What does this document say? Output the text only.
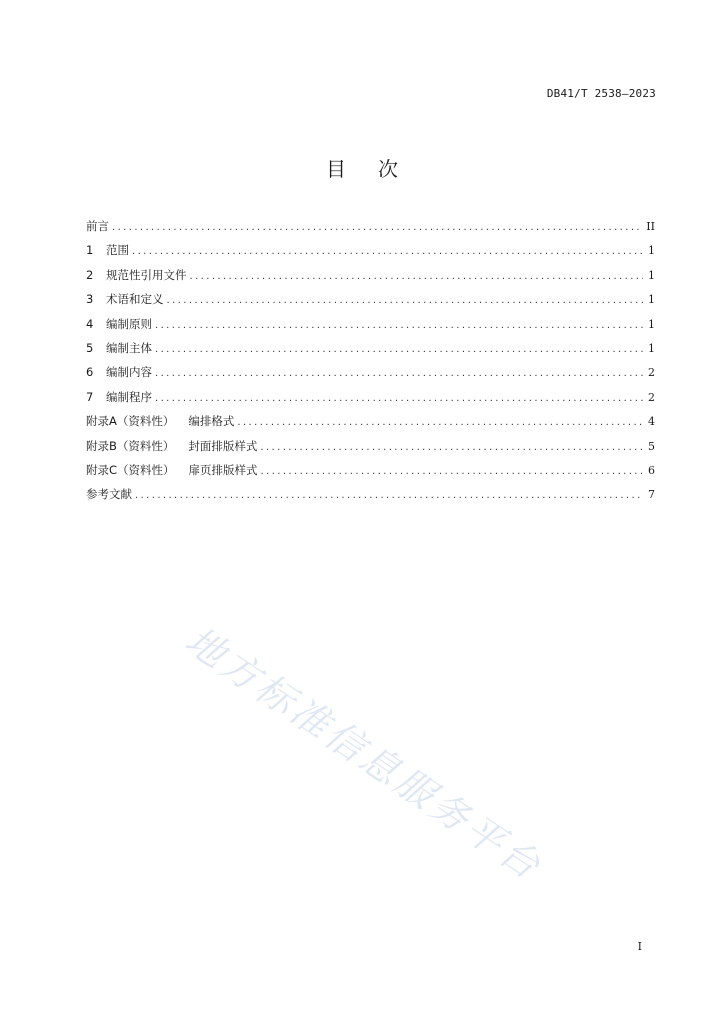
DB41/T 2538—2023
目 次
前言 .....	II
1	范围 .....	1
2	规范性引用文件 .....	1
3	术语和定义 .....	1
4	编制原则 .....	1
5	编制主体 .....	1
6	编制内容 .....	2
7	编制程序 .....	2
附录A（资料性） 编排格式 .....	4
附录B（资料性） 封面排版样式 .....	5
附录C（资料性） 扉页排版样式 .....	6
参考文献 .....	7
地方标准信息服务平台
I
